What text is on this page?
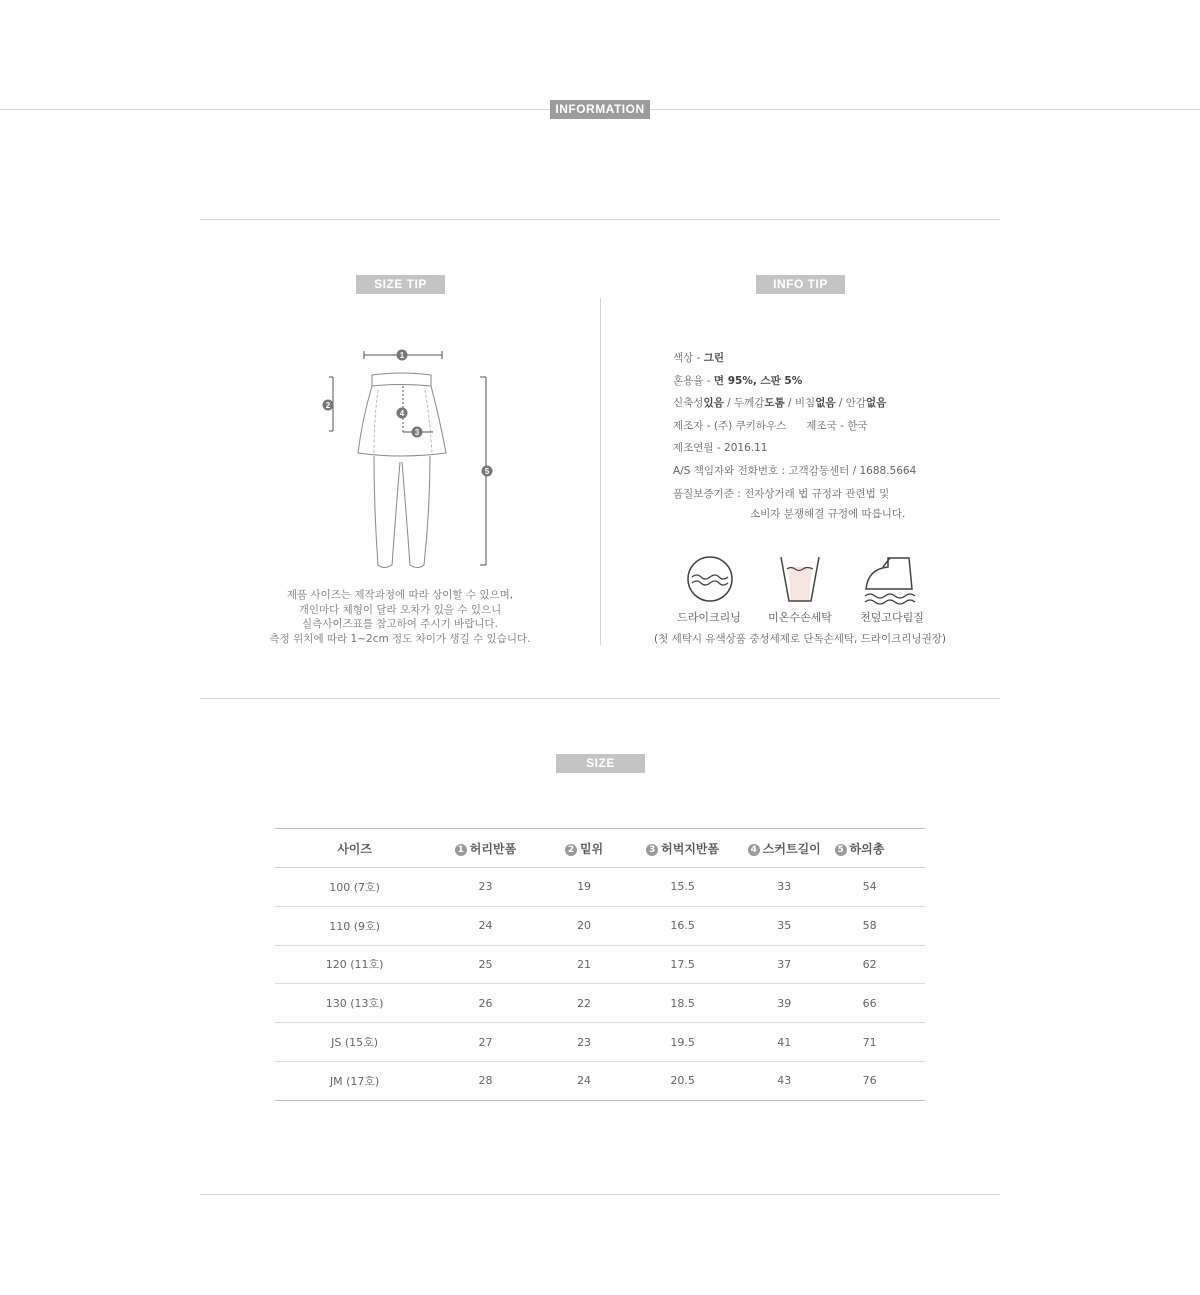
INFORMATION
SIZE TIP
1
2
3
4
5
제품 사이즈는 제작과정에 따라 상이할 수 있으며,
개인마다 체형이 달라 오차가 있을 수 있으니
실측사이즈표를 참고하여 주시기 바랍니다.
측정 위치에 따라 1~2cm 정도 차이가 생길 수 있습니다.
INFO TIP
색상 - 그린
혼용율 - 면 95%, 스판 5%
신축성있음 / 두께감도톰 / 비침없음 / 안감없음
제조자 - (주) 쿠키하우스 제조국 - 한국
제조연월 - 2016.11
A/S 책임자와 전화번호 : 고객감동센터 / 1688.5664
품질보증기준 : 전자상거래 법 규정과 관련법 및
소비자 분쟁해결 규정에 따릅니다.
드라이크리닝	미온수손세탁	천덮고다림질
(첫 세탁시 유색상품 중성세제로 단독손세탁, 드라이크리닝권장)
SIZE
사이즈	1 허리반폼	2 밑위	3 허벅지반폼	4 스커트길이	5 하의총
100 (7호)	23	19	15.5	33	54
110 (9호)	24	20	16.5	35	58
120 (11호)	25	21	17.5	37	62
130 (13호)	26	22	18.5	39	66
JS (15호)	27	23	19.5	41	71
JM (17호)	28	24	20.5	43	76
